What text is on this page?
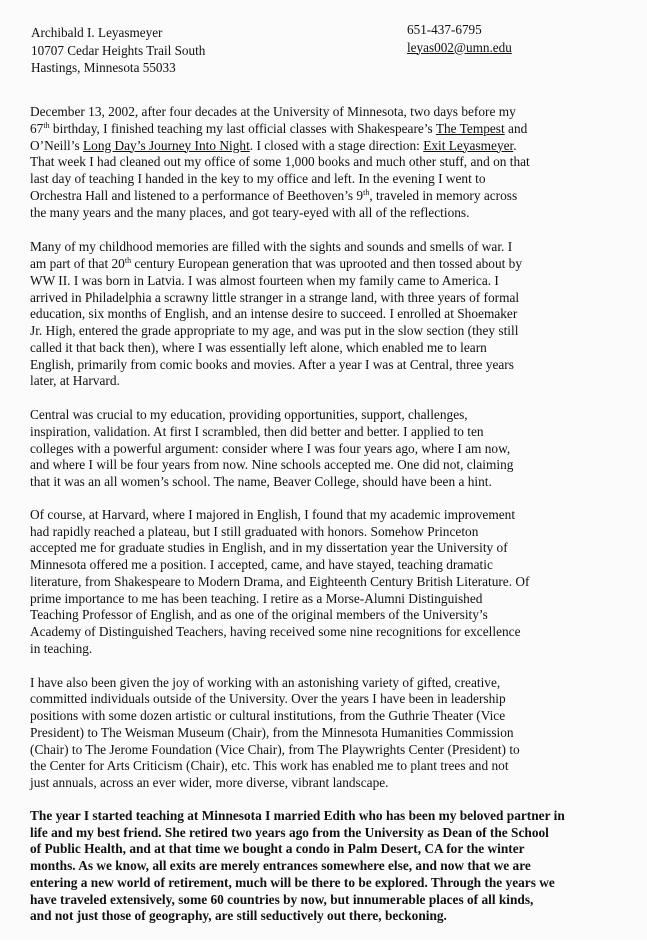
Archibald I. Leyasmeyer
10707 Cedar Heights Trail South
Hastings, Minnesota 55033
651-437-6795
leyas002@umn.edu

December 13, 2002, after four decades at the University of Minnesota, two days before my
67th birthday, I finished teaching my last official classes with Shakespeare’s The Tempest and
O’Neill’s Long Day’s Journey Into Night. I closed with a stage direction: Exit Leyasmeyer.
That week I had cleaned out my office of some 1,000 books and much other stuff, and on that
last day of teaching I handed in the key to my office and left. In the evening I went to
Orchestra Hall and listened to a performance of Beethoven’s 9th, traveled in memory across
the many years and the many places, and got teary-eyed with all of the reflections.

Many of my childhood memories are filled with the sights and sounds and smells of war. I
am part of that 20th century European generation that was uprooted and then tossed about by
WW II. I was born in Latvia. I was almost fourteen when my family came to America. I
arrived in Philadelphia a scrawny little stranger in a strange land, with three years of formal
education, six months of English, and an intense desire to succeed. I enrolled at Shoemaker
Jr. High, entered the grade appropriate to my age, and was put in the slow section (they still
called it that back then), where I was essentially left alone, which enabled me to learn
English, primarily from comic books and movies. After a year I was at Central, three years
later, at Harvard.

Central was crucial to my education, providing opportunities, support, challenges,
inspiration, validation. At first I scrambled, then did better and better. I applied to ten
colleges with a powerful argument: consider where I was four years ago, where I am now,
and where I will be four years from now. Nine schools accepted me. One did not, claiming
that it was an all women’s school. The name, Beaver College, should have been a hint.

Of course, at Harvard, where I majored in English, I found that my academic improvement
had rapidly reached a plateau, but I still graduated with honors. Somehow Princeton
accepted me for graduate studies in English, and in my dissertation year the University of
Minnesota offered me a position. I accepted, came, and have stayed, teaching dramatic
literature, from Shakespeare to Modern Drama, and Eighteenth Century British Literature. Of
prime importance to me has been teaching. I retire as a Morse-Alumni Distinguished
Teaching Professor of English, and as one of the original members of the University’s
Academy of Distinguished Teachers, having received some nine recognitions for excellence
in teaching.

I have also been given the joy of working with an astonishing variety of gifted, creative,
committed individuals outside of the University. Over the years I have been in leadership
positions with some dozen artistic or cultural institutions, from the Guthrie Theater (Vice
President) to The Weisman Museum (Chair), from the Minnesota Humanities Commission
(Chair) to The Jerome Foundation (Vice Chair), from The Playwrights Center (President) to
the Center for Arts Criticism (Chair), etc. This work has enabled me to plant trees and not
just annuals, across an ever wider, more diverse, vibrant landscape.

The year I started teaching at Minnesota I married Edith who has been my beloved partner in
life and my best friend. She retired two years ago from the University as Dean of the School
of Public Health, and at that time we bought a condo in Palm Desert, CA for the winter
months. As we know, all exits are merely entrances somewhere else, and now that we are
entering a new world of retirement, much will be there to be explored. Through the years we
have traveled extensively, some 60 countries by now, but innumerable places of all kinds,
and not just those of geography, are still seductively out there, beckoning.
